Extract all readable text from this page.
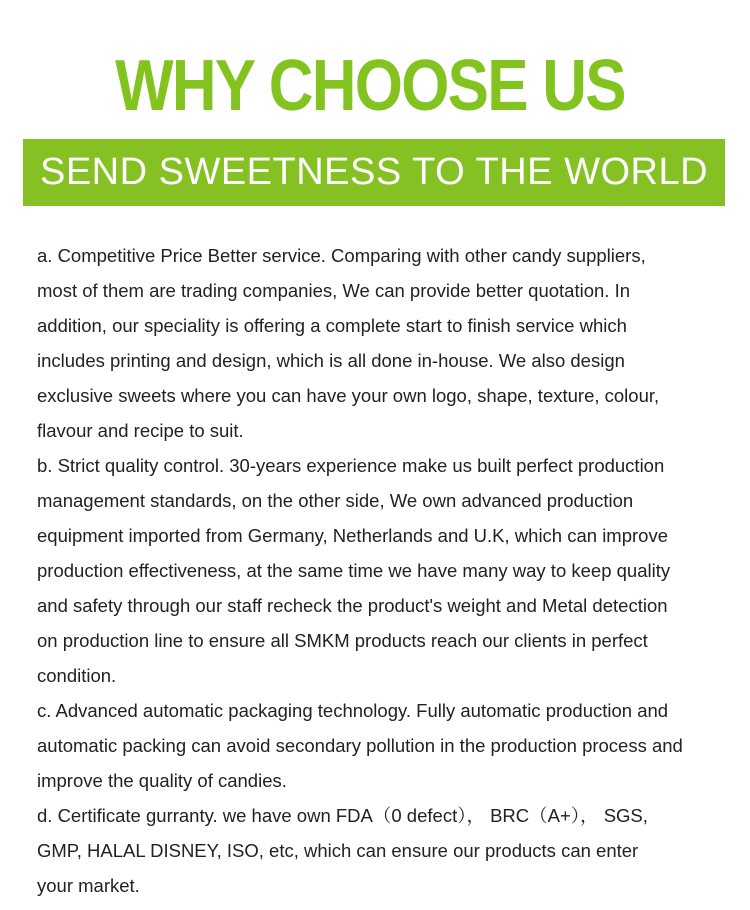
WHY CHOOSE US
SEND SWEETNESS TO THE WORLD

a. Competitive Price Better service. Comparing with other candy suppliers,

most of them are trading companies, We can provide better quotation. In

addition, our speciality is offering a complete start to finish service which

includes printing and design, which is all done in-house. We also design

exclusive sweets where you can have your own logo, shape, texture, colour,

flavour and recipe to suit.

b. Strict quality control. 30-years experience make us built perfect production

management standards, on the other side, We own advanced production

equipment imported from Germany, Netherlands and U.K, which can improve

production effectiveness, at the same time we have many way to keep quality

and safety through our staff recheck the product's weight and Metal detection

on production line to ensure all SMKM products reach our clients in perfect

condition.

c. Advanced automatic packaging technology. Fully automatic production and

automatic packing can avoid secondary pollution in the production process and

improve the quality of candies.

d. Certificate gurranty. we have own FDA（0 defect）， BRC（A+）， SGS,

GMP, HALAL DISNEY, ISO, etc, which can ensure our products can enter

your market.
